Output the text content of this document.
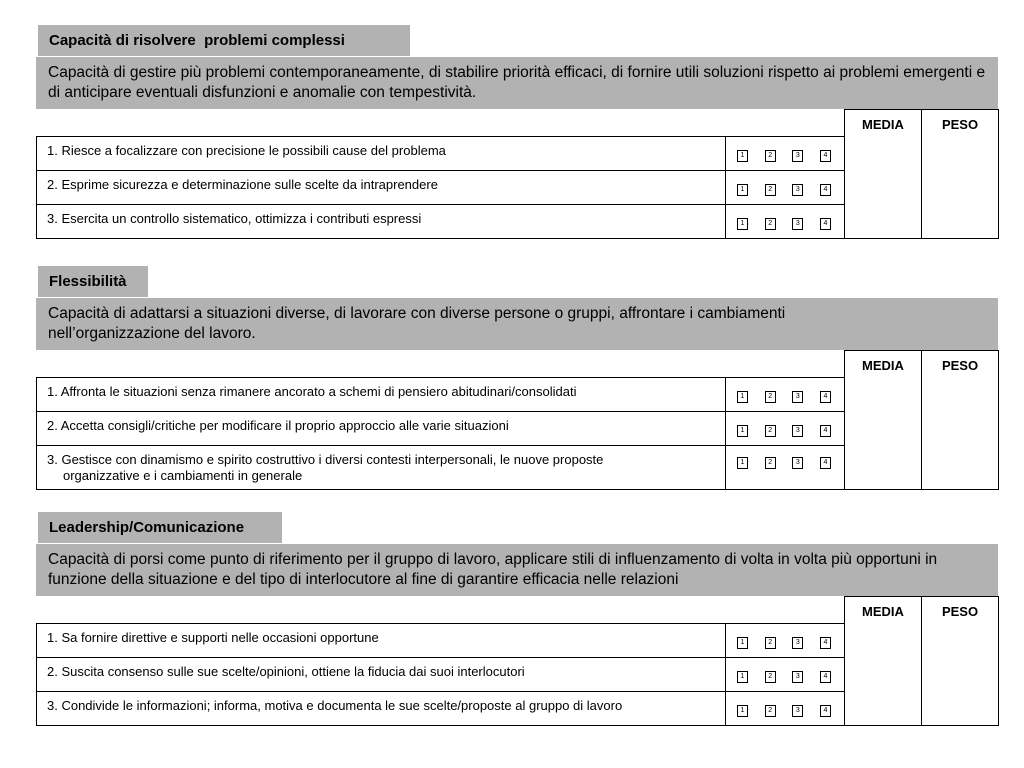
Capacità di risolvere  problemi complessi
Capacità di gestire più problemi contemporaneamente, di stabilire priorità efficaci, di fornire utili soluzioni rispetto ai problemi emergenti e di anticipare eventuali disfunzioni e anomalie con tempestività.
		MEDIA	PESO
1. Riesce a focalizzare con precisione le possibili cause del problema	1 2 3 4		

2. Esprime sicurezza e determinazione sulle scelte da intraprendere	1 2 3 4		

3. Esercita un controllo sistematico, ottimizza i contributi espressi	1 2 3 4		
Flessibilità
Capacità di adattarsi a situazioni diverse, di lavorare con diverse persone o gruppi, affrontare i cambiamenti nell’organizzazione del lavoro.
		MEDIA	PESO
1. Affronta le situazioni senza rimanere ancorato a schemi di pensiero abitudinari/consolidati	1 2 3 4		

2. Accetta consigli/critiche per modificare il proprio approccio alle varie situazioni	1 2 3 4		

3. Gestisce con dinamismo e spirito costruttivo i diversi contesti interpersonali, le nuove proposte
organizzative e i cambiamenti in generale	1 2 3 4		
Leadership/Comunicazione
Capacità di porsi come punto di riferimento per il gruppo di lavoro, applicare stili di influenzamento di volta in volta più opportuni in funzione della situazione e del tipo di interlocutore al fine di garantire efficacia nelle relazioni
		MEDIA	PESO
1. Sa fornire direttive e supporti nelle occasioni opportune	1 2 3 4		

2. Suscita consenso sulle sue scelte/opinioni, ottiene la fiducia dai suoi interlocutori	1 2 3 4		

3. Condivide le informazioni; informa, motiva e documenta le sue scelte/proposte al gruppo di lavoro	1 2 3 4		
